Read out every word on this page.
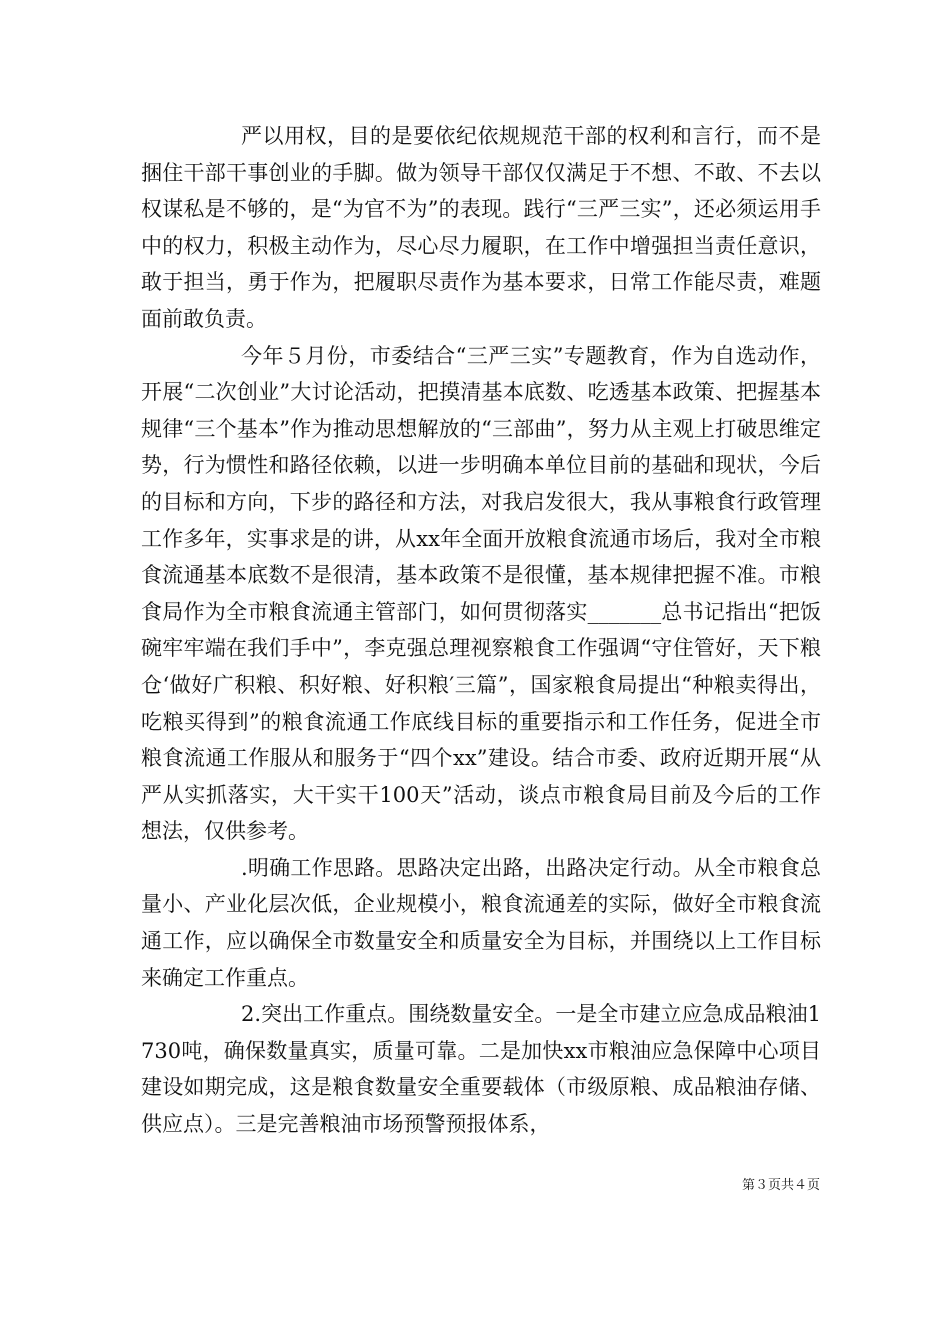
严以用权，目的是要依纪依规规范干部的权利和言行，而不是捆住干部干事创业的手脚。做为领导干部仅仅满足于不想、不敢、不去以权谋私是不够的，是“为官不为”的表现。践行“三严三实”，还必须运用手中的权力，积极主动作为，尽心尽力履职，在工作中增强担当责任意识，敢于担当，勇于作为，把履职尽责作为基本要求，日常工作能尽责，难题面前敢负责。

今年５月份，市委结合“三严三实”专题教育，作为自选动作，开展“二次创业”大讨论活动，把摸清基本底数、吃透基本政策、把握基本规律“三个基本”作为推动思想解放的“三部曲”，努力从主观上打破思维定势，行为惯性和路径依赖，以进一步明确本单位目前的基础和现状，今后的目标和方向，下步的路径和方法，对我启发很大，我从事粮食行政管理工作多年，实事求是的讲，从xx年全面开放粮食流通市场后，我对全市粮食流通基本底数不是很清，基本政策不是很懂，基本规律把握不准。市粮食局作为全市粮食流通主管部门，如何贯彻落实_______总书记指出“把饭碗牢牢端在我们手中”，李克强总理视察粮食工作强调“守住管好，天下粮仓‘做好广积粮、积好粮、好积粮′三篇”，国家粮食局提出“种粮卖得出，吃粮买得到”的粮食流通工作底线目标的重要指示和工作任务，促进全市粮食流通工作服从和服务于“四个xx”建设。结合市委、政府近期开展“从严从实抓落实，大干实干100天”活动，谈点市粮食局目前及今后的工作想法，仅供参考。

.明确工作思路。思路决定出路，出路决定行动。从全市粮食总量小、产业化层次低，企业规模小，粮食流通差的实际，做好全市粮食流通工作，应以确保全市数量安全和质量安全为目标，并围绕以上工作目标来确定工作重点。

2.突出工作重点。围绕数量安全。一是全市建立应急成品粮油1730吨，确保数量真实，质量可靠。二是加快xx市粮油应急保障中心项目建设如期完成，这是粮食数量安全重要载体（市级原粮、成品粮油存储、供应点）。三是完善粮油市场预警预报体系，

第３页共４页
